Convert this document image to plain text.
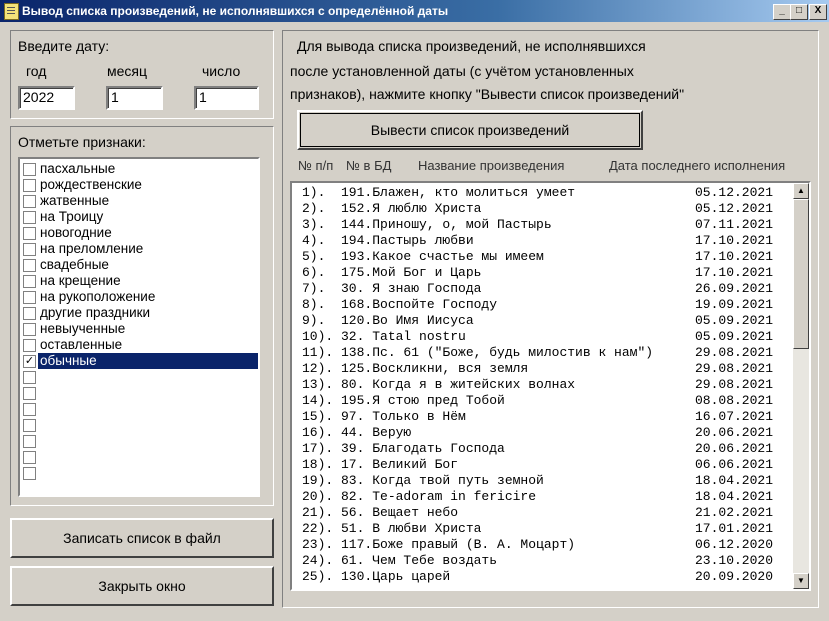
Вывод списка произведений, не исполнявшихся с определённой даты	_	□	X
Введите дату:
год	месяц	число
2022	1	1
Отметьте признаки:
пасхальные
рождественские
жатвенные
на Троицу
новогодние
на преломление
свадебные
на крещение
на рукоположение
другие праздники
невыученные
оставленные
✓ обычные
Записать список в файл
Закрыть окно
Для вывода списка произведений, не исполнявшихся
после установленной даты (с учётом установленных
признаков), нажмите кнопку "Вывести список произведений"
Вывести список произведений
№ п/п № в БД Название произведения	Дата последнего исполнения
1).  191.Блажен, кто молиться умеет	05.12.2021
2).  152.Я люблю Христа	05.12.2021
3).  144.Приношу, о, мой Пастырь	07.11.2021
4).  194.Пастырь любви	17.10.2021
5).  193.Какое счастье мы имеем	17.10.2021
6).  175.Мой Бог и Царь	17.10.2021
7).  30. Я знаю Господа	26.09.2021
8).  168.Воспойте Господу	19.09.2021
9).  120.Во Имя Иисуса	05.09.2021
10). 32. Tatal nostru	05.09.2021
11). 138.Пс. 61 ("Боже, будь милостив к нам")	29.08.2021
12). 125.Воскликни, вся земля	29.08.2021
13). 80. Когда я в житейских волнах	29.08.2021
14). 195.Я стою пред Тобой	08.08.2021
15). 97. Только в Нём	16.07.2021
16). 44. Верую	20.06.2021
17). 39. Благодать Господа	20.06.2021
18). 17. Великий Бог	06.06.2021
19). 83. Когда твой путь земной	18.04.2021
20). 82. Te-adoram in fericire	18.04.2021
21). 56. Вещает небо	21.02.2021
22). 51. В любви Христа	17.01.2021
23). 117.Боже правый (В. А. Моцарт)	06.12.2020
24). 61. Чем Тебе воздать	23.10.2020
25). 130.Царь царей	20.09.2020
▲
▼
